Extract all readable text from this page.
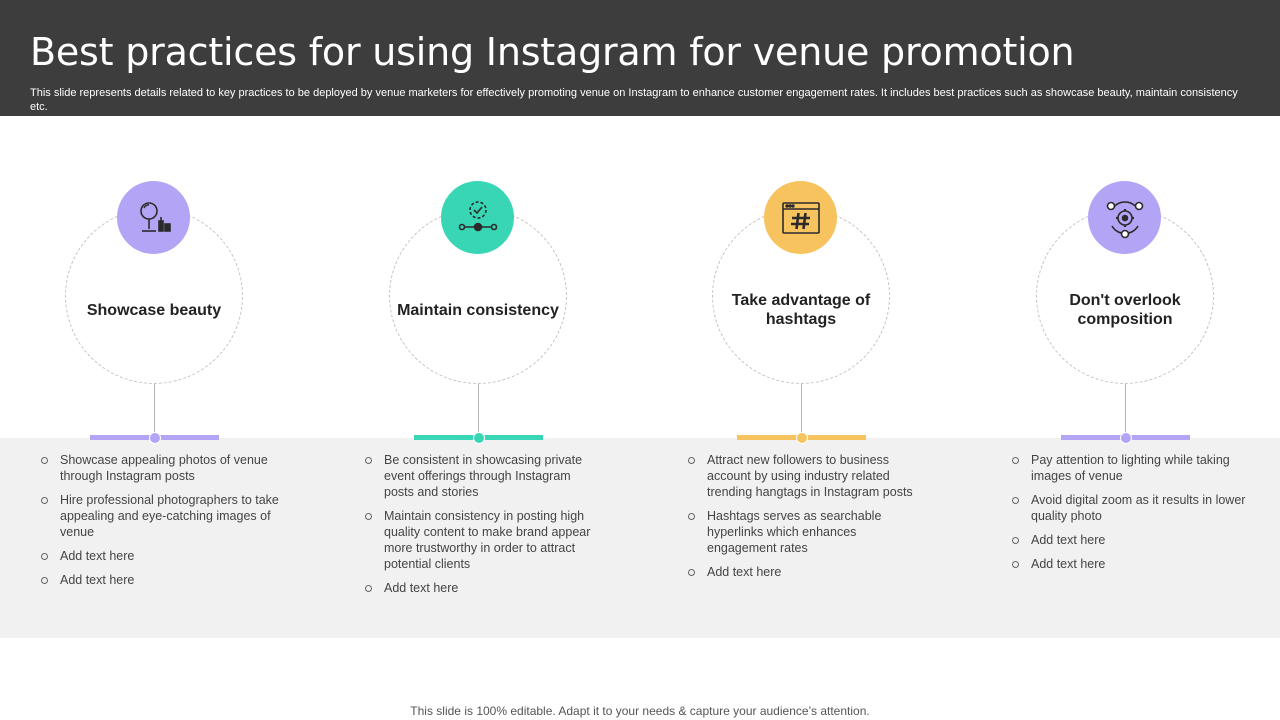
Best practices for using Instagram for venue promotion

This slide represents details related to key practices to be deployed by venue marketers for effectively promoting venue on Instagram to enhance customer engagement rates. It includes best practices such as showcase beauty, maintain consistency etc.

Showcase beauty
Showcase appealing photos of venue through Instagram posts
Hire professional photographers to take appealing and eye-catching images of venue
Add text here
Add text here
Maintain consistency
Be consistent in showcasing private event offerings through Instagram posts and stories
Maintain consistency in posting high quality content to make brand appear more trustworthy in order to attract potential clients
Add text here
Take advantage of hashtags
Attract new followers to business account by using industry related trending hangtags in Instagram posts
Hashtags serves as searchable hyperlinks which enhances engagement rates
Add text here
Don't overlook composition
Pay attention to lighting while taking images of venue
Avoid digital zoom as it results in lower quality photo
Add text here
Add text here
This slide is 100% editable. Adapt it to your needs & capture your audience’s attention.
